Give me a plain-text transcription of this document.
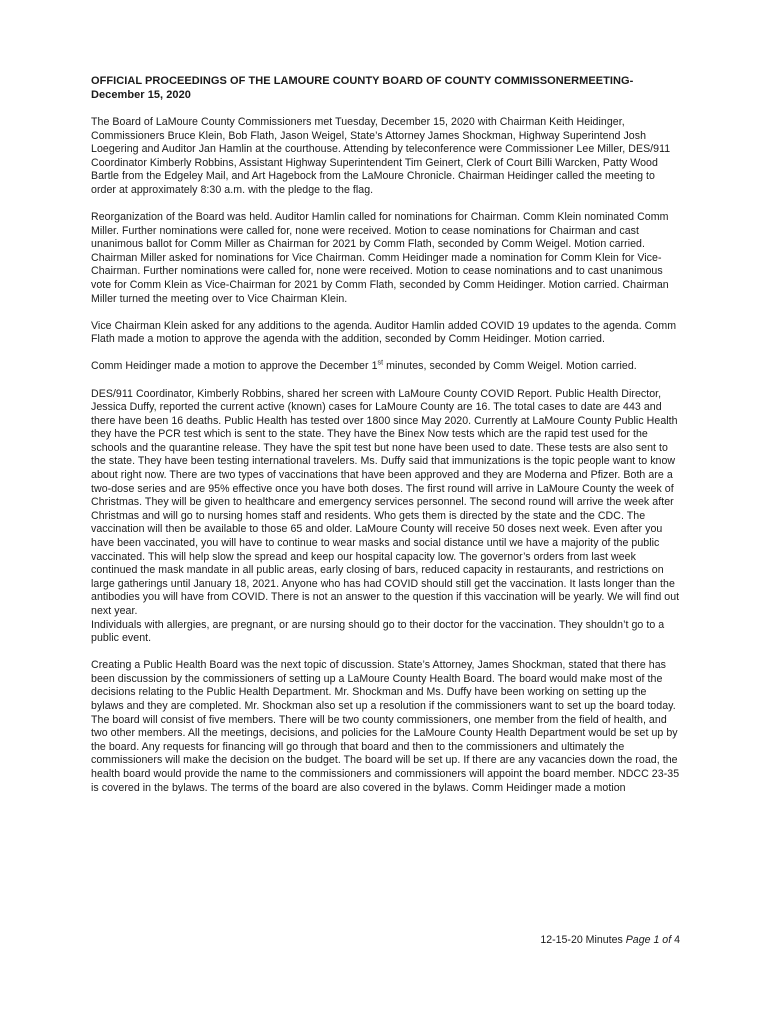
OFFICIAL PROCEEDINGS OF THE LAMOURE COUNTY BOARD OF COUNTY COMMISSONERMEETING- December 15, 2020

The Board of LaMoure County Commissioners met Tuesday, December 15, 2020 with Chairman Keith Heidinger, Commissioners Bruce Klein, Bob Flath, Jason Weigel, State’s Attorney James Shockman, Highway Superintend Josh Loegering and Auditor Jan Hamlin at the courthouse. Attending by teleconference were Commissioner Lee Miller, DES/911 Coordinator Kimberly Robbins, Assistant Highway Superintendent Tim Geinert, Clerk of Court Billi Warcken, Patty Wood Bartle from the Edgeley Mail, and Art Hagebock from the LaMoure Chronicle. Chairman Heidinger called the meeting to order at approximately 8:30 a.m. with the pledge to the flag.

Reorganization of the Board was held. Auditor Hamlin called for nominations for Chairman. Comm Klein nominated Comm Miller. Further nominations were called for, none were received. Motion to cease nominations for Chairman and cast unanimous ballot for Comm Miller as Chairman for 2021 by Comm Flath, seconded by Comm Weigel. Motion carried. Chairman Miller asked for nominations for Vice Chairman. Comm Heidinger made a nomination for Comm Klein for Vice-Chairman. Further nominations were called for, none were received. Motion to cease nominations and to cast unanimous vote for Comm Klein as Vice-Chairman for 2021 by Comm Flath, seconded by Comm Heidinger. Motion carried. Chairman Miller turned the meeting over to Vice Chairman Klein.

Vice Chairman Klein asked for any additions to the agenda. Auditor Hamlin added COVID 19 updates to the agenda. Comm Flath made a motion to approve the agenda with the addition, seconded by Comm Heidinger. Motion carried.

Comm Heidinger made a motion to approve the December 1st minutes, seconded by Comm Weigel. Motion carried.

DES/911 Coordinator, Kimberly Robbins, shared her screen with LaMoure County COVID Report. Public Health Director, Jessica Duffy, reported the current active (known) cases for LaMoure County are 16. The total cases to date are 443 and there have been 16 deaths. Public Health has tested over 1800 since May 2020. Currently at LaMoure County Public Health they have the PCR test which is sent to the state. They have the Binex Now tests which are the rapid test used for the schools and the quarantine release. They have the spit test but none have been used to date. These tests are also sent to the state. They have been testing international travelers. Ms. Duffy said that immunizations is the topic people want to know about right now. There are two types of vaccinations that have been approved and they are Moderna and Pfizer. Both are a two-dose series and are 95% effective once you have both doses. The first round will arrive in LaMoure County the week of Christmas. They will be given to healthcare and emergency services personnel. The second round will arrive the week after Christmas and will go to nursing homes staff and residents. Who gets them is directed by the state and the CDC. The vaccination will then be available to those 65 and older. LaMoure County will receive 50 doses next week. Even after you have been vaccinated, you will have to continue to wear masks and social distance until we have a majority of the public vaccinated. This will help slow the spread and keep our hospital capacity low. The governor’s orders from last week continued the mask mandate in all public areas, early closing of bars, reduced capacity in restaurants, and restrictions on large gatherings until January 18, 2021. Anyone who has had COVID should still get the vaccination. It lasts longer than the antibodies you will have from COVID. There is not an answer to the question if this vaccination will be yearly. We will find out next year.

Individuals with allergies, are pregnant, or are nursing should go to their doctor for the vaccination. They shouldn’t go to a public event.

Creating a Public Health Board was the next topic of discussion. State’s Attorney, James Shockman, stated that there has been discussion by the commissioners of setting up a LaMoure County Health Board. The board would make most of the decisions relating to the Public Health Department. Mr. Shockman and Ms. Duffy have been working on setting up the bylaws and they are completed. Mr. Shockman also set up a resolution if the commissioners want to set up the board today. The board will consist of five members. There will be two county commissioners, one member from the field of health, and two other members. All the meetings, decisions, and policies for the LaMoure County Health Department would be set up by the board. Any requests for financing will go through that board and then to the commissioners and ultimately the commissioners will make the decision on the budget. The board will be set up. If there are any vacancies down the road, the health board would provide the name to the commissioners and commissioners will appoint the board member. NDCC 23-35 is covered in the bylaws. The terms of the board are also covered in the bylaws. Comm Heidinger made a motion

12-15-20 Minutes Page 1 of 4
